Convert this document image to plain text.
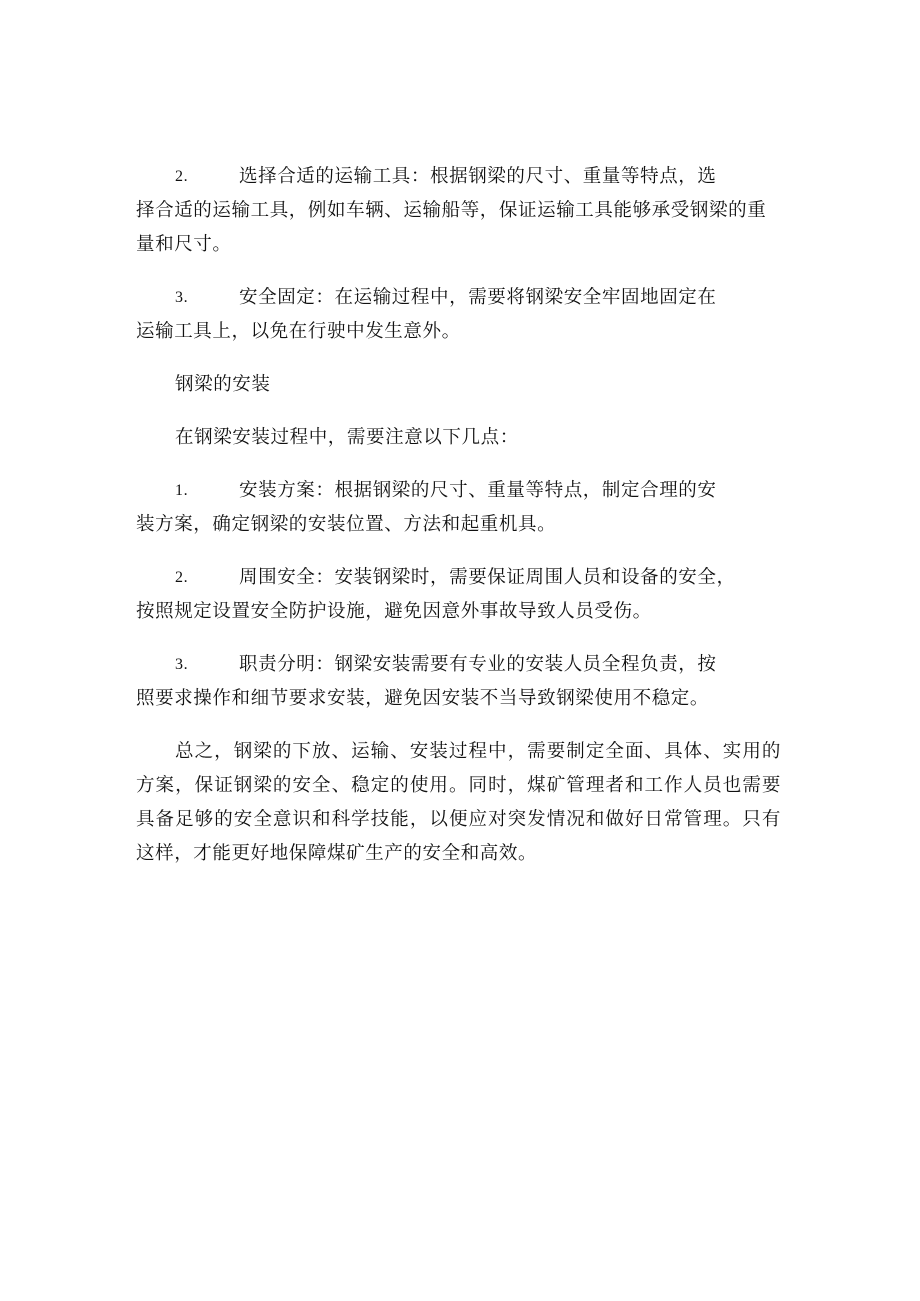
2.	选择合适的运输工具：根据钢梁的尺寸、重量等特点，选
择合适的运输工具，例如车辆、运输船等，保证运输工具能够承受钢梁的重量和尺寸。
3.	安全固定：在运输过程中，需要将钢梁安全牢固地固定在
运输工具上，以免在行驶中发生意外。

钢梁的安装

在钢梁安装过程中，需要注意以下几点：

1.	安装方案：根据钢梁的尺寸、重量等特点，制定合理的安
装方案，确定钢梁的安装位置、方法和起重机具。
2.	周围安全：安装钢梁时，需要保证周围人员和设备的安全，
按照规定设置安全防护设施，避免因意外事故导致人员受伤。
3.	职责分明：钢梁安装需要有专业的安装人员全程负责，按
照要求操作和细节要求安装，避免因安装不当导致钢梁使用不稳定。

总之，钢梁的下放、运输、安装过程中，需要制定全面、具体、实用的方案，保证钢梁的安全、稳定的使用。同时，煤矿管理者和工作人员也需要具备足够的安全意识和科学技能，以便应对突发情况和做好日常管理。只有这样，才能更好地保障煤矿生产的安全和高效。
